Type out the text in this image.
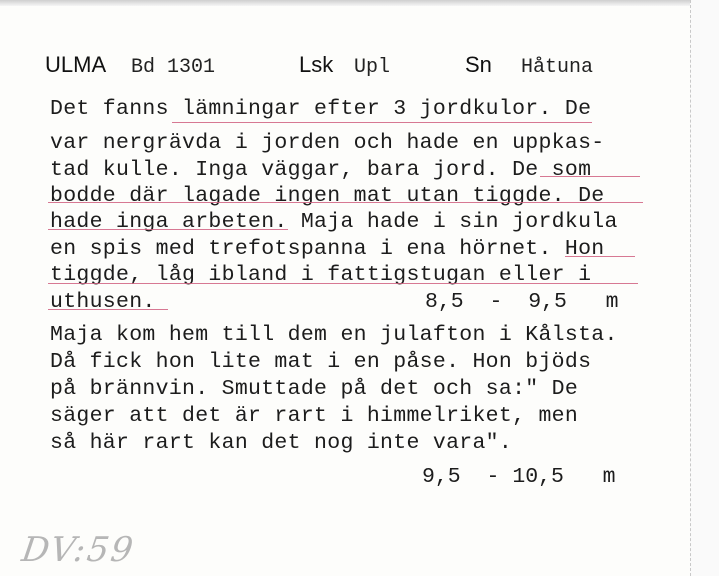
ULMA Bd 1301	Lsk Upl	Sn Håtuna
Det fanns lämningar efter 3 jordkulor. De
var nergrävda i jorden och hade en uppkas-
tad kulle. Inga väggar, bara jord. De som
bodde där lagade ingen mat utan tiggde. De
hade inga arbeten. Maja hade i sin jordkula
en spis med trefotspanna i ena hörnet. Hon
tiggde, låg ibland i fattigstugan eller i
uthusen.	8,5  -  9,5   m
Maja kom hem till dem en julafton i Kålsta.
Då fick hon lite mat i en påse. Hon bjöds
på brännvin. Smuttade på det och sa:" De
säger att det är rart i himmelriket, men
så här rart kan det nog inte vara".
9,5  - 10,5   m
DV:59
